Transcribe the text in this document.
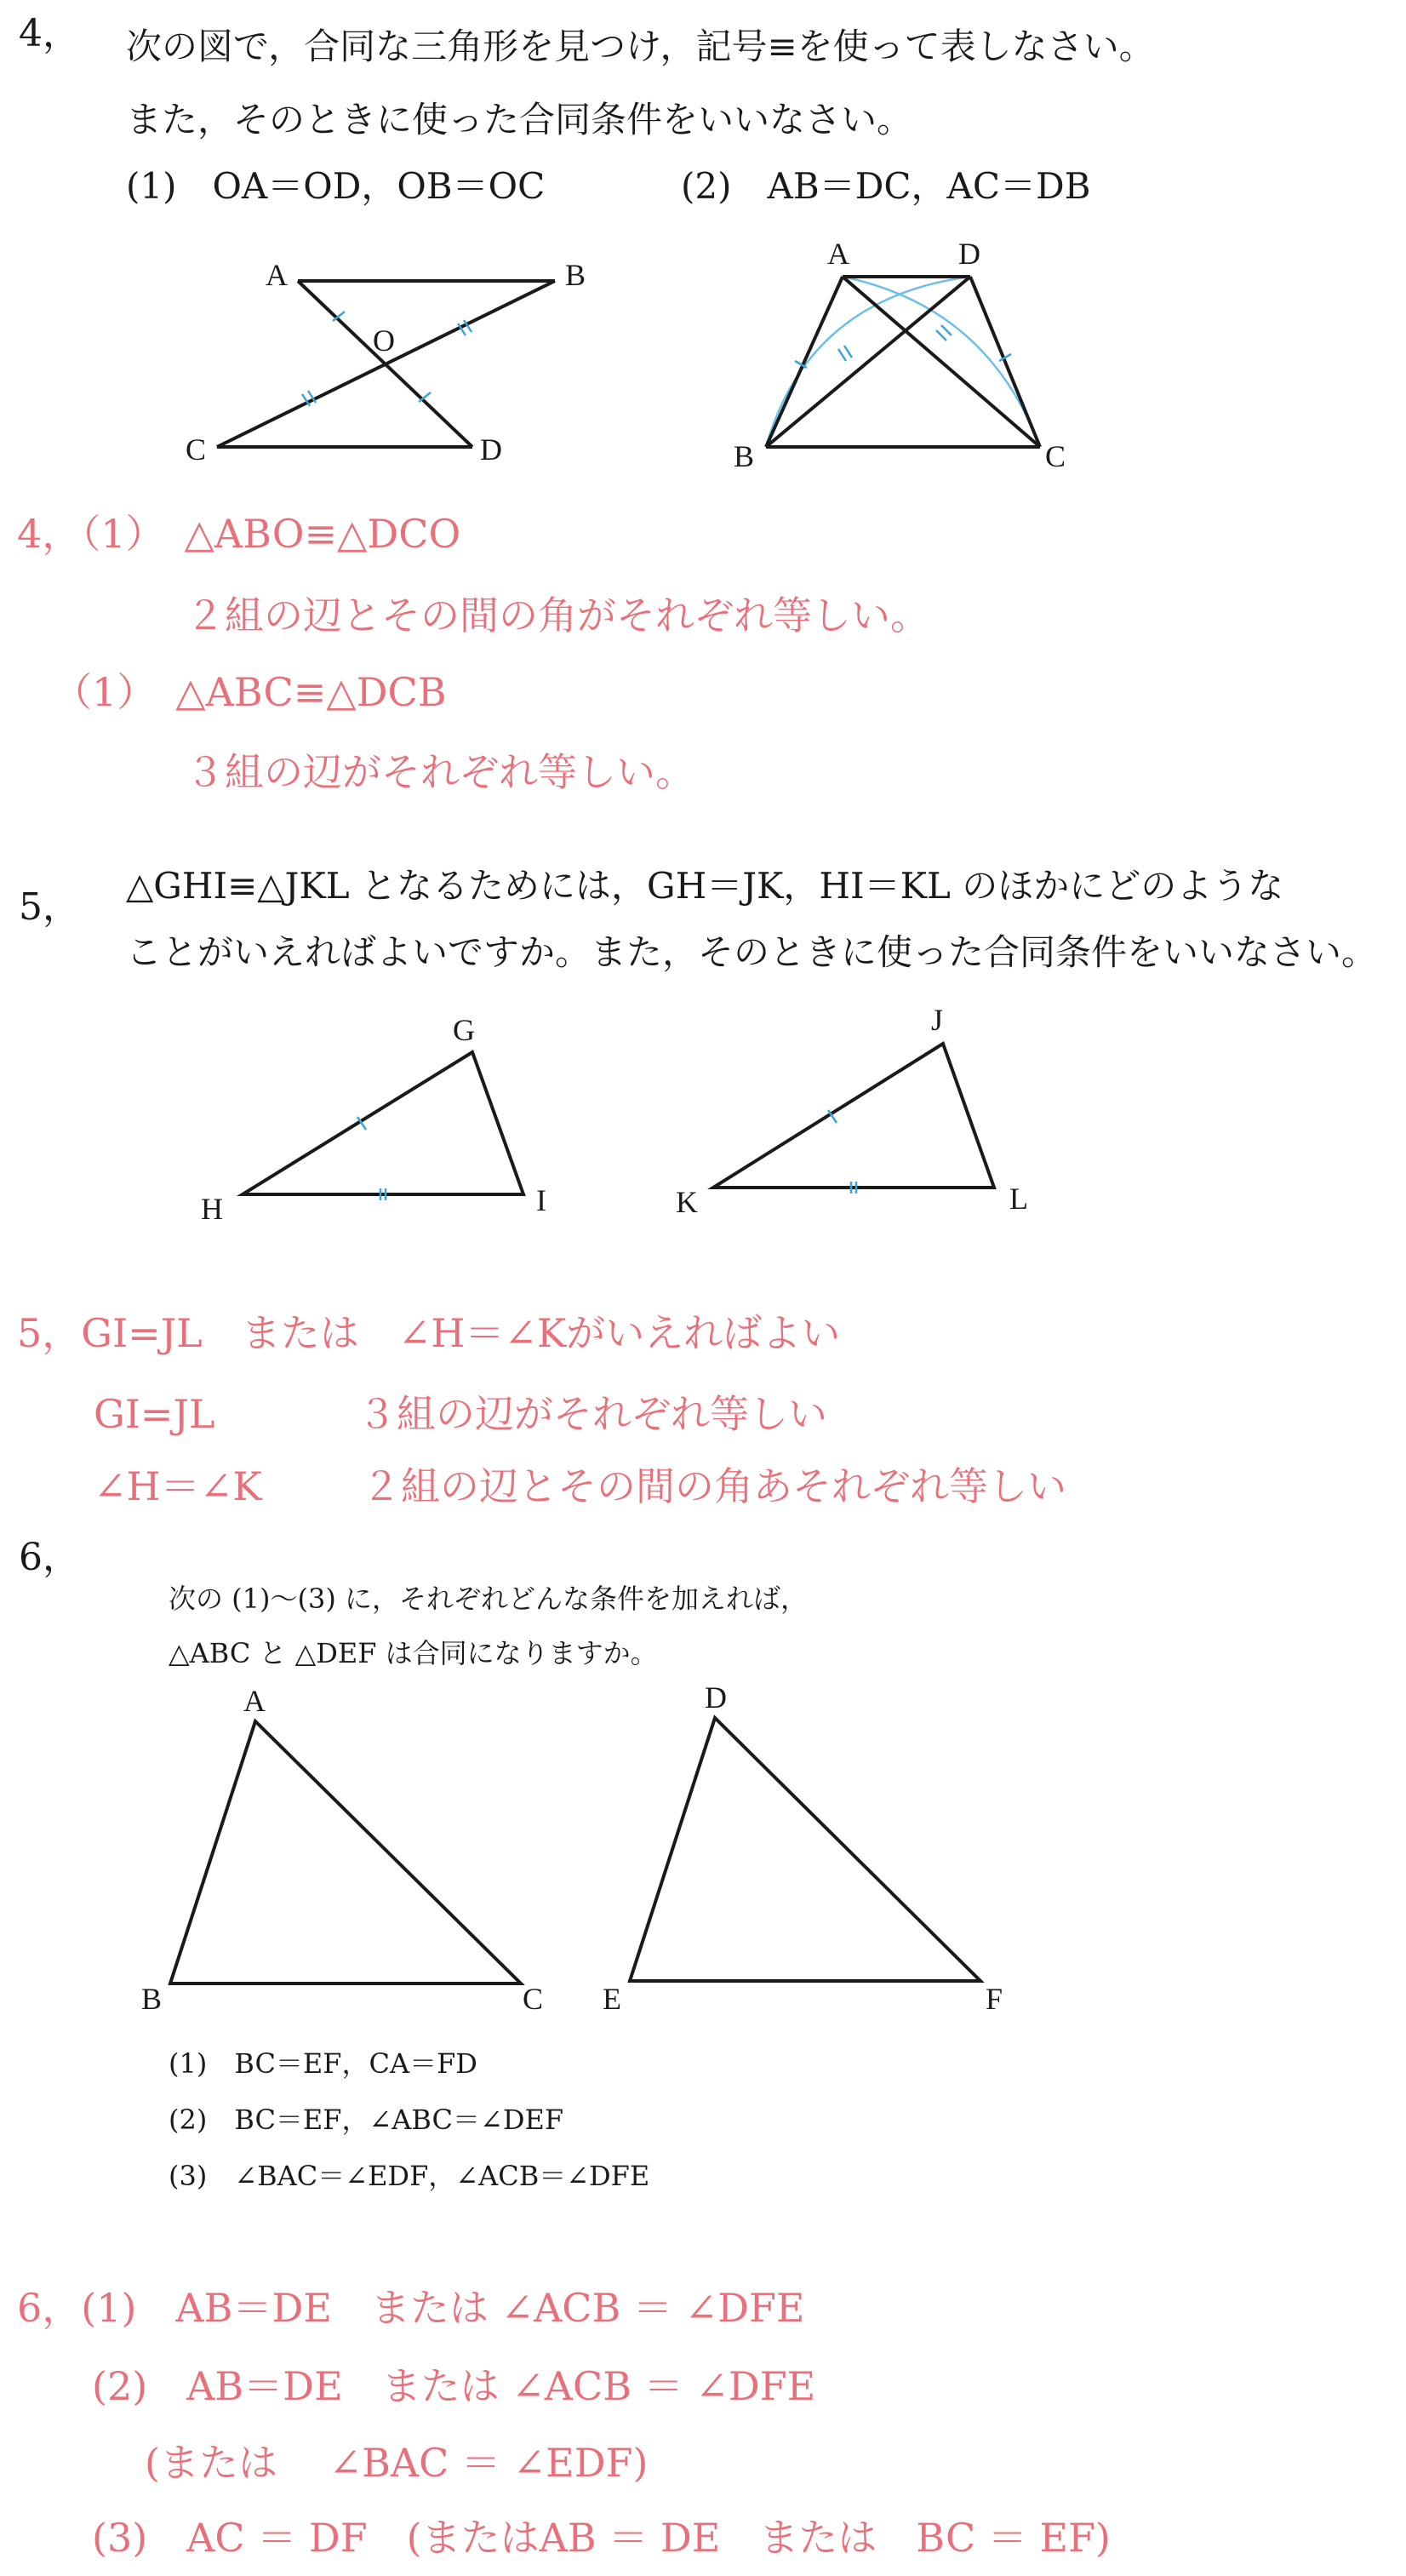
4， 次の図で，合同な三角形を見つけ，記号≡を使って表しなさい。
また，そのときに使った合同条件をいいなさい。
(1)　OA＝OD，OB＝OC	(2)　AB＝DC，AC＝DB
A	B
O
C	D
A	D
B	C
4，（1）　△ABO≡△DCO
２組の辺とその間の角がそれぞれ等しい。
（1）　△ABC≡△DCB
３組の辺がそれぞれ等しい。
5， △GHI≡△JKL となるためには，GH＝JK，HI＝KL のほかにどのような
ことがいえればよいですか。また，そのときに使った合同条件をいいなさい。
G
H	I
J
K	L
5，GI=JL　または　∠H＝∠Kがいえればよい
GI=JL	３組の辺がそれぞれ等しい
∠H＝∠K	２組の辺とその間の角あそれぞれ等しい
6，
次の (1)～(3) に，それぞれどんな条件を加えれば，
△ABC と △DEF は合同になりますか。
A
B	C
D
E	F
(1)　BC＝EF，CA＝FD
(2)　BC＝EF，∠ABC＝∠DEF
(3)　∠BAC＝∠EDF，∠ACB＝∠DFE
6，(1)　AB＝DE　または ∠ACB ＝ ∠DFE
(2)　AB＝DE　または ∠ACB ＝ ∠DFE
(または　 ∠BAC ＝ ∠EDF)
(3)　AC ＝ DF　(またはAB ＝ DE　または　BC ＝ EF)
